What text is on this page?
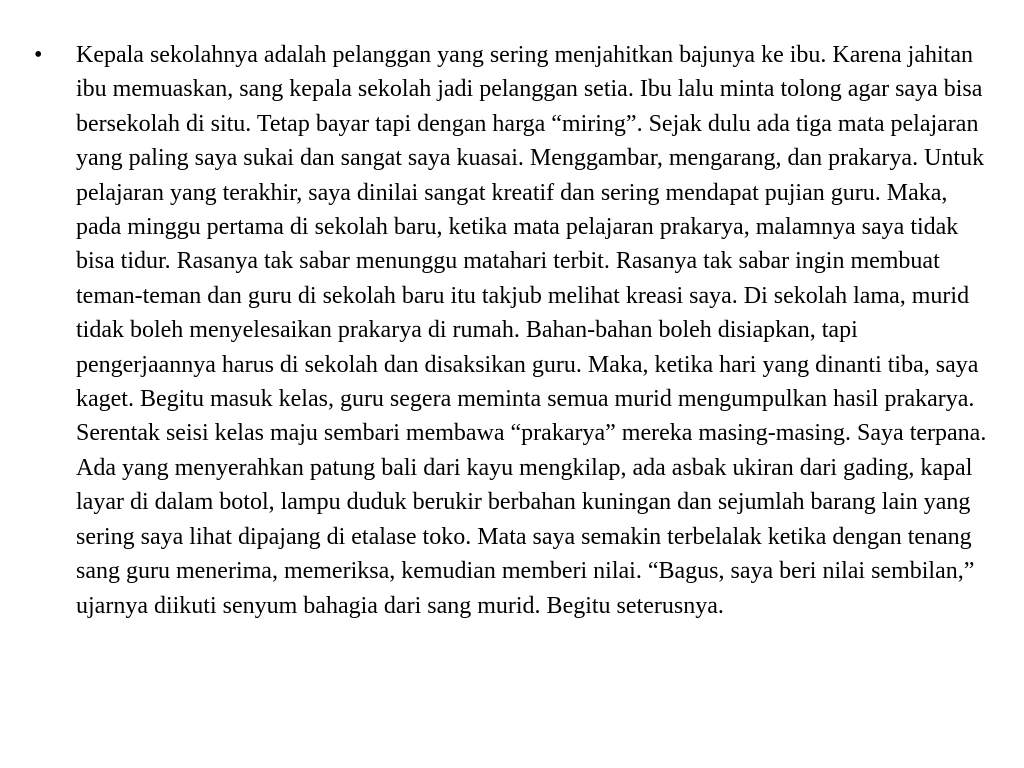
• Kepala sekolahnya adalah pelanggan yang sering menjahitkan bajunya ke ibu. Karena jahitan ibu memuaskan, sang kepala sekolah jadi pelanggan setia. Ibu lalu minta tolong agar saya bisa bersekolah di situ. Tetap bayar tapi dengan harga “miring”. Sejak dulu ada tiga mata pelajaran yang paling saya sukai dan sangat saya kuasai. Menggambar, mengarang, dan prakarya. Untuk pelajaran yang terakhir, saya dinilai sangat kreatif dan sering mendapat pujian guru. Maka, pada minggu pertama di sekolah baru, ketika mata pelajaran prakarya, malamnya saya tidak bisa tidur. Rasanya tak sabar menunggu matahari terbit. Rasanya tak sabar ingin membuat teman-teman dan guru di sekolah baru itu takjub melihat kreasi saya. Di sekolah lama, murid tidak boleh menyelesaikan prakarya di rumah. Bahan-bahan boleh disiapkan, tapi pengerjaannya harus di sekolah dan disaksikan guru. Maka, ketika hari yang dinanti tiba, saya kaget. Begitu masuk kelas, guru segera meminta semua murid mengumpulkan hasil prakarya. Serentak seisi kelas maju sembari membawa “prakarya” mereka masing-masing. Saya terpana. Ada yang menyerahkan patung bali dari kayu mengkilap, ada asbak ukiran dari gading, kapal layar di dalam botol, lampu duduk berukir berbahan kuningan dan sejumlah barang lain yang sering saya lihat dipajang di etalase toko. Mata saya semakin terbelalak ketika dengan tenang sang guru menerima, memeriksa, kemudian memberi nilai. “Bagus, saya beri nilai sembilan,” ujarnya diikuti senyum bahagia dari sang murid. Begitu seterusnya.
